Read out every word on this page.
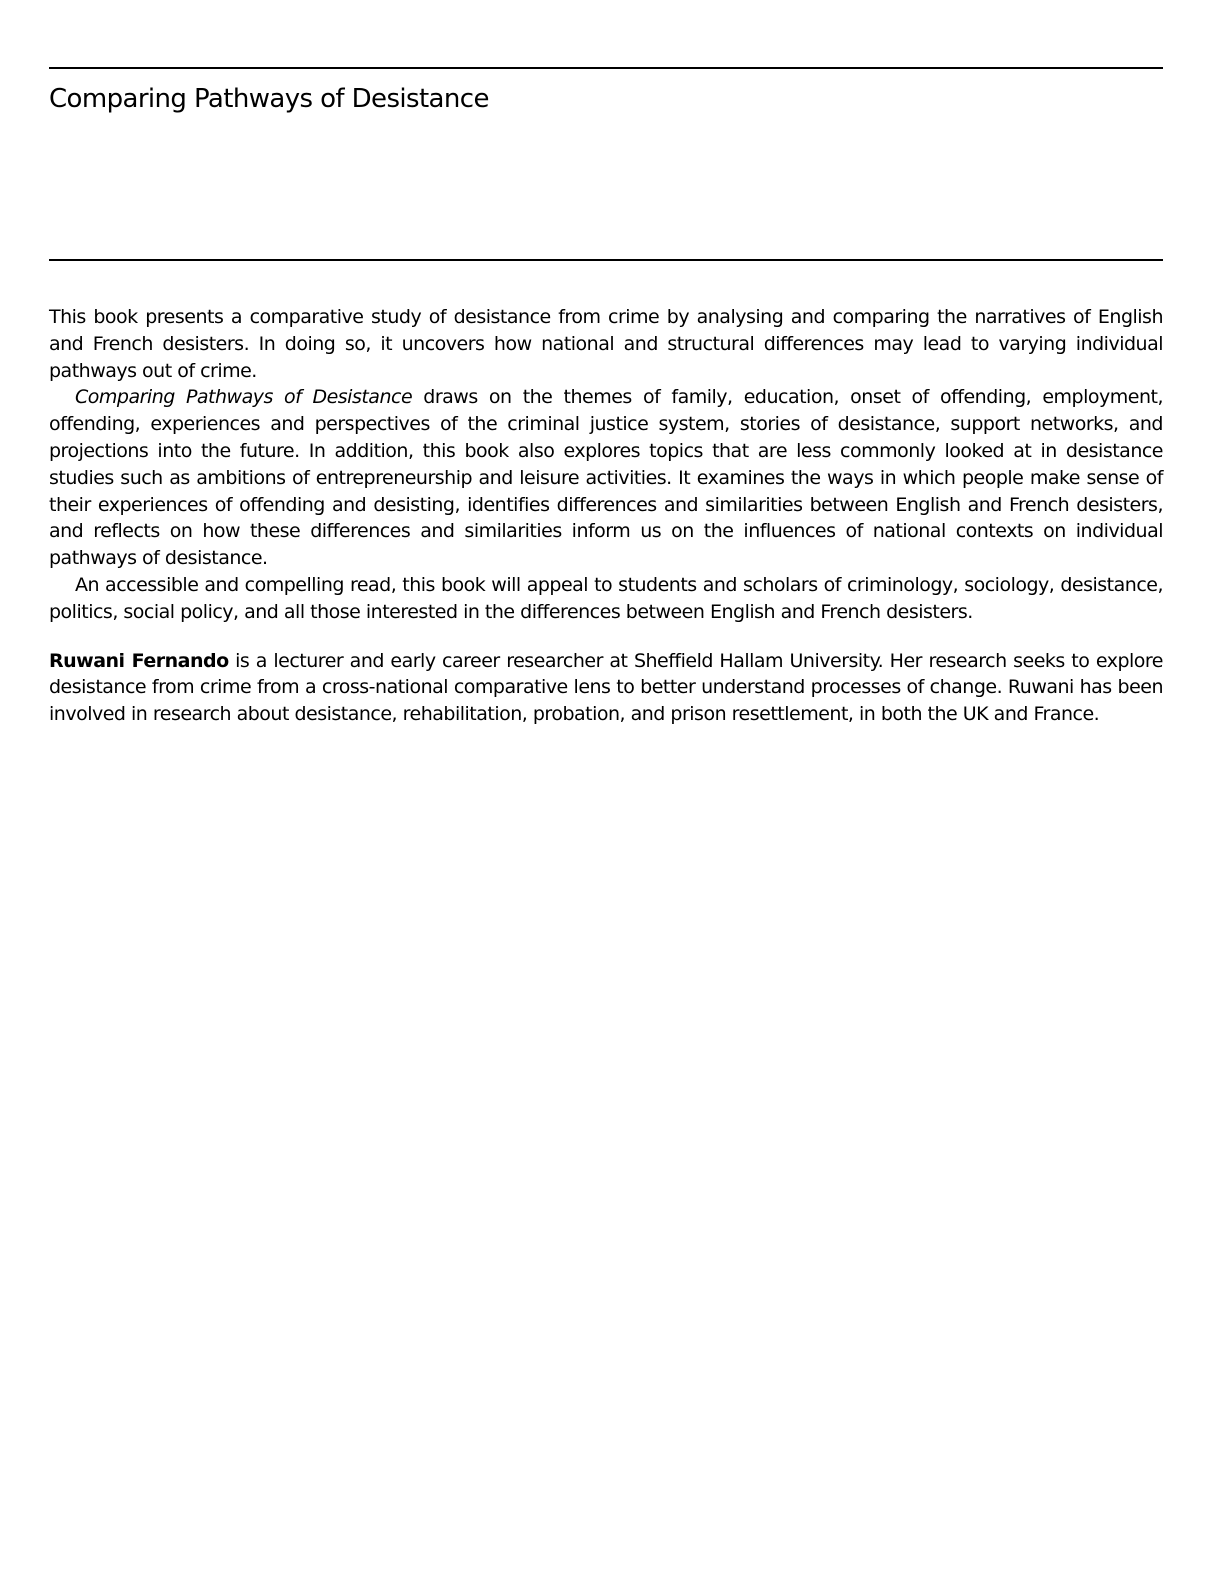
Comparing Pathways of Desistance

This book presents a comparative study of desistance from crime by analysing and comparing the narratives of English and French desisters. In doing so, it uncovers how national and structural differences may lead to varying individual pathways out of crime.

Comparing Pathways of Desistance draws on the themes of family, education, onset of offending, employment, offending, experiences and perspectives of the criminal justice system, stories of desistance, support networks, and projections into the future. In addition, this book also explores topics that are less commonly looked at in desistance studies such as ambitions of entrepreneurship and leisure activities. It examines the ways in which people make sense of their experiences of offending and desisting, identifies differences and similarities between English and French desisters, and reflects on how these differences and similarities inform us on the influences of national contexts on individual pathways of desistance.

An accessible and compelling read, this book will appeal to students and scholars of criminology, sociology, desistance, politics, social policy, and all those interested in the differences between English and French desisters.

Ruwani Fernando is a lecturer and early career researcher at Sheffield Hallam University. Her research seeks to explore desistance from crime from a cross-national comparative lens to better understand processes of change. Ruwani has been involved in research about desistance, rehabilitation, probation, and prison resettlement, in both the UK and France.
